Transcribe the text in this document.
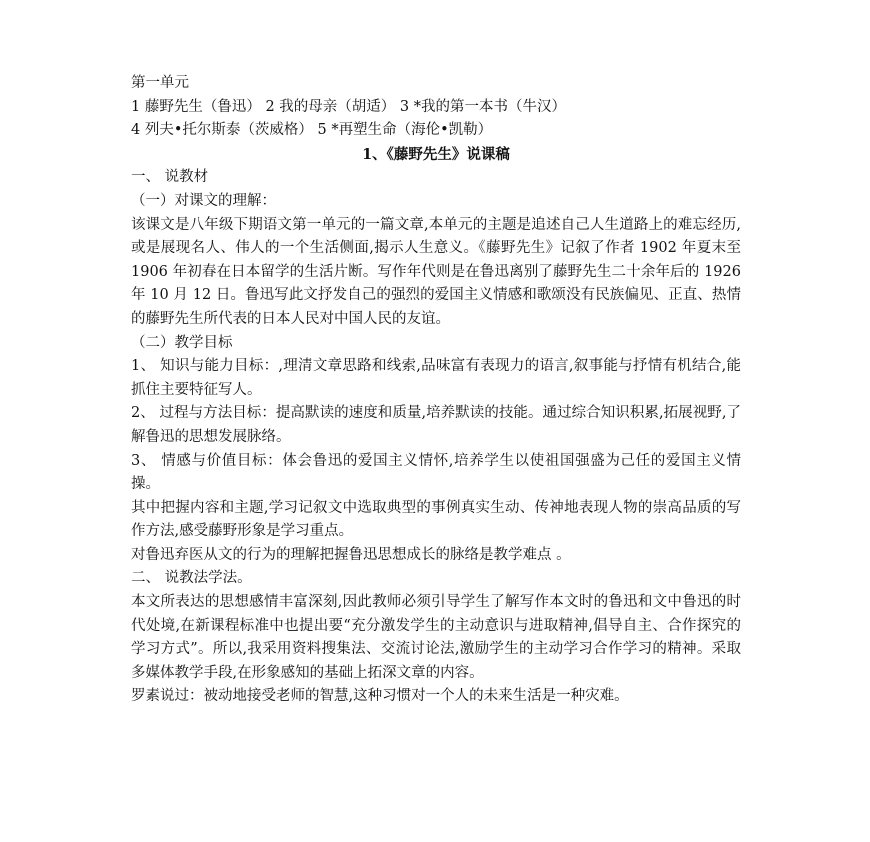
第一单元
1 藤野先生（鲁迅） 2 我的母亲（胡适） 3 *我的第一本书（牛汉）
4 列夫•托尔斯泰（茨威格） 5 *再塑生命（海伦•凯勒）
1、《藤野先生》说课稿
一、 说教材
（一）对课文的理解：
该课文是八年级下期语文第一单元的一篇文章,本单元的主题是追述自己人生道路上的难忘经历,或是展现名人、伟人的一个生活侧面,揭示人生意义。《藤野先生》记叙了作者 1902 年夏末至 1906 年初春在日本留学的生活片断。写作年代则是在鲁迅离别了藤野先生二十余年后的 1926 年 10 月 12 日。鲁迅写此文抒发自己的强烈的爱国主义情感和歌颂没有民族偏见、正直、热情的藤野先生所代表的日本人民对中国人民的友谊。
（二）教学目标
1、 知识与能力目标：,理清文章思路和线索,品味富有表现力的语言,叙事能与抒情有机结合,能抓住主要特征写人。
2、 过程与方法目标：提高默读的速度和质量,培养默读的技能。通过综合知识积累,拓展视野,了解鲁迅的思想发展脉络。
3、 情感与价值目标：体会鲁迅的爱国主义情怀,培养学生以使祖国强盛为己任的爱国主义情操。
其中把握内容和主题,学习记叙文中选取典型的事例真实生动、传神地表现人物的崇高品质的写作方法,感受藤野形象是学习重点。
对鲁迅弃医从文的行为的理解把握鲁迅思想成长的脉络是教学难点 。
二、 说教法学法。
本文所表达的思想感情丰富深刻,因此教师必须引导学生了解写作本文时的鲁迅和文中鲁迅的时代处境,在新课程标准中也提出要“充分激发学生的主动意识与进取精神,倡导自主、合作探究的学习方式”。所以,我采用资料搜集法、交流讨论法,激励学生的主动学习合作学习的精神。采取多媒体教学手段,在形象感知的基础上拓深文章的内容。
罗素说过：被动地接受老师的智慧,这种习惯对一个人的未来生活是一种灾难。
